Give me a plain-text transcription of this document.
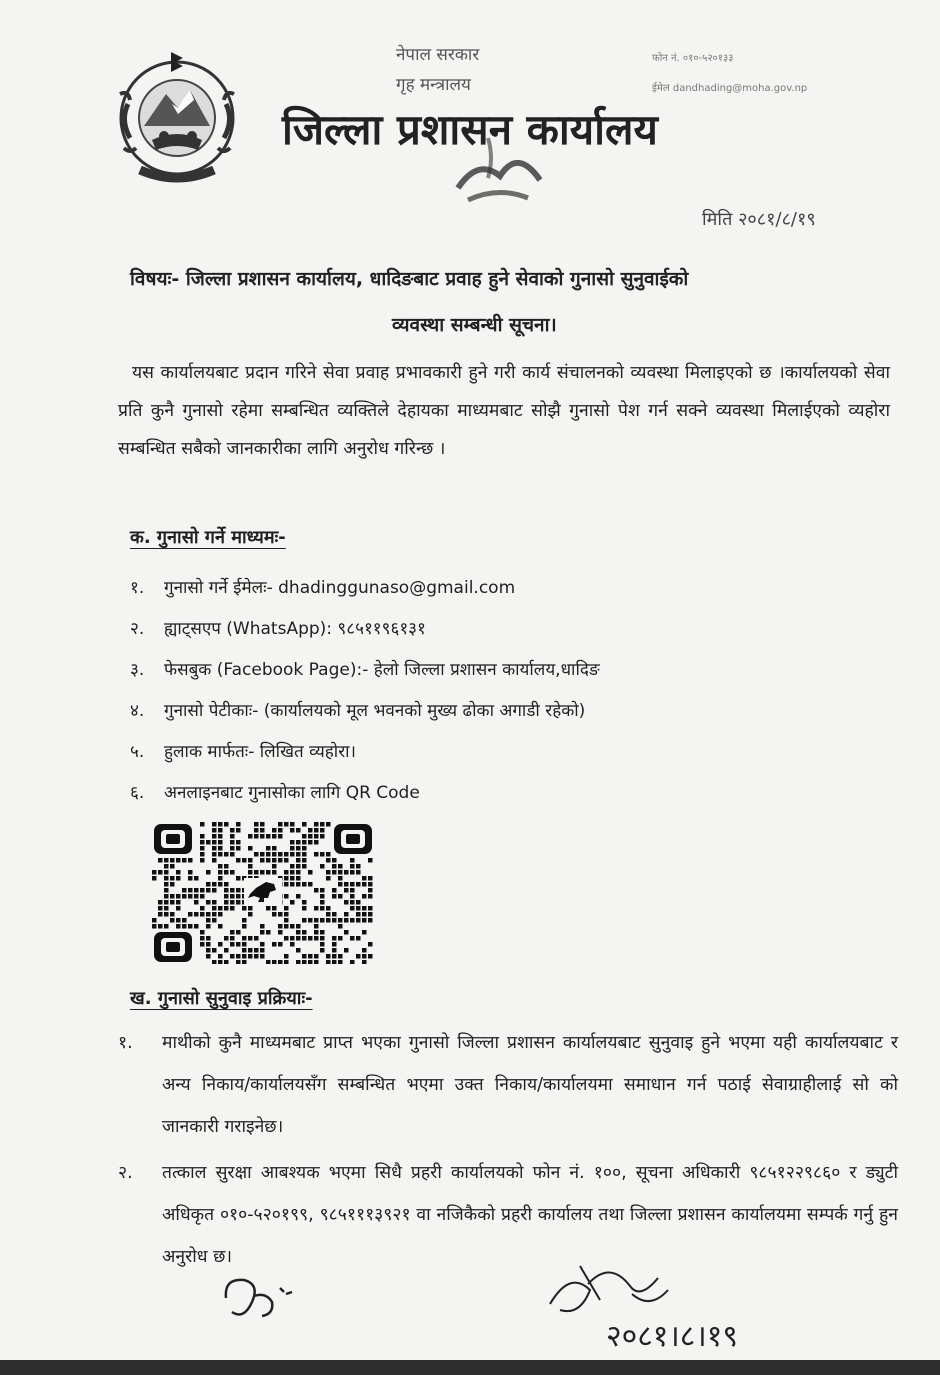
नेपाल सरकार
गृह मन्त्रालय
फोन नं. ०१०-५२०१३३
ईमेल dandhading@moha.gov.np
जिल्ला प्रशासन कार्यालय
मिति २०८१/८/१९
विषयः- जिल्ला प्रशासन कार्यालय, धादिङबाट प्रवाह हुने सेवाको गुनासो सुनुवाईको
व्यवस्था सम्बन्धी सूचना।
यस कार्यालयबाट प्रदान गरिने सेवा प्रवाह प्रभावकारी हुने गरी कार्य संचालनको व्यवस्था मिलाइएको छ ।कार्यालयको सेवा प्रति कुनै गुनासो रहेमा सम्बन्धित व्यक्तिले देहायका माध्यमबाट सोझै गुनासो पेश गर्न सक्ने व्यवस्था मिलाईएको व्यहोरा सम्बन्धित सबैको जानकारीका लागि अनुरोध गरिन्छ ।
क. गुनासो गर्ने माध्यमः-
१.	गुनासो गर्ने ईमेलः- dhadinggunaso@gmail.com
२.	ह्याट्सएप (WhatsApp): ९८५११९६१३१
३.	फेसबुक (Facebook Page):- हेलो जिल्ला प्रशासन कार्यालय,धादिङ
४.	गुनासो पेटीकाः- (कार्यालयको मूल भवनको मुख्य ढोका अगाडी रहेको)
५.	हुलाक मार्फतः- लिखित व्यहोरा।
६.	अनलाइनबाट गुनासोका लागि QR Code
ख. गुनासो सुनुवाइ प्रक्रियाः-
१.	माथीको कुनै माध्यमबाट प्राप्त भएका गुनासो जिल्ला प्रशासन कार्यालयबाट सुनुवाइ हुने भएमा यही कार्यालयबाट र अन्य निकाय/कार्यालयसँग सम्बन्धित भएमा उक्त निकाय/कार्यालयमा समाधान गर्न पठाई सेवाग्राहीलाई सो को जानकारी गराइनेछ।
२.	तत्काल सुरक्षा आबश्यक भएमा सिधै प्रहरी कार्यालयको फोन नं. १००, सूचना अधिकारी ९८५१२२९८६० र ड्युटी अधिकृत ०१०-५२०१९९, ९८५१११३९२१ वा नजिकैको प्रहरी कार्यालय तथा जिल्ला प्रशासन कार्यालयमा सम्पर्क गर्नु हुन अनुरोध छ।
२०८१।८।१९
